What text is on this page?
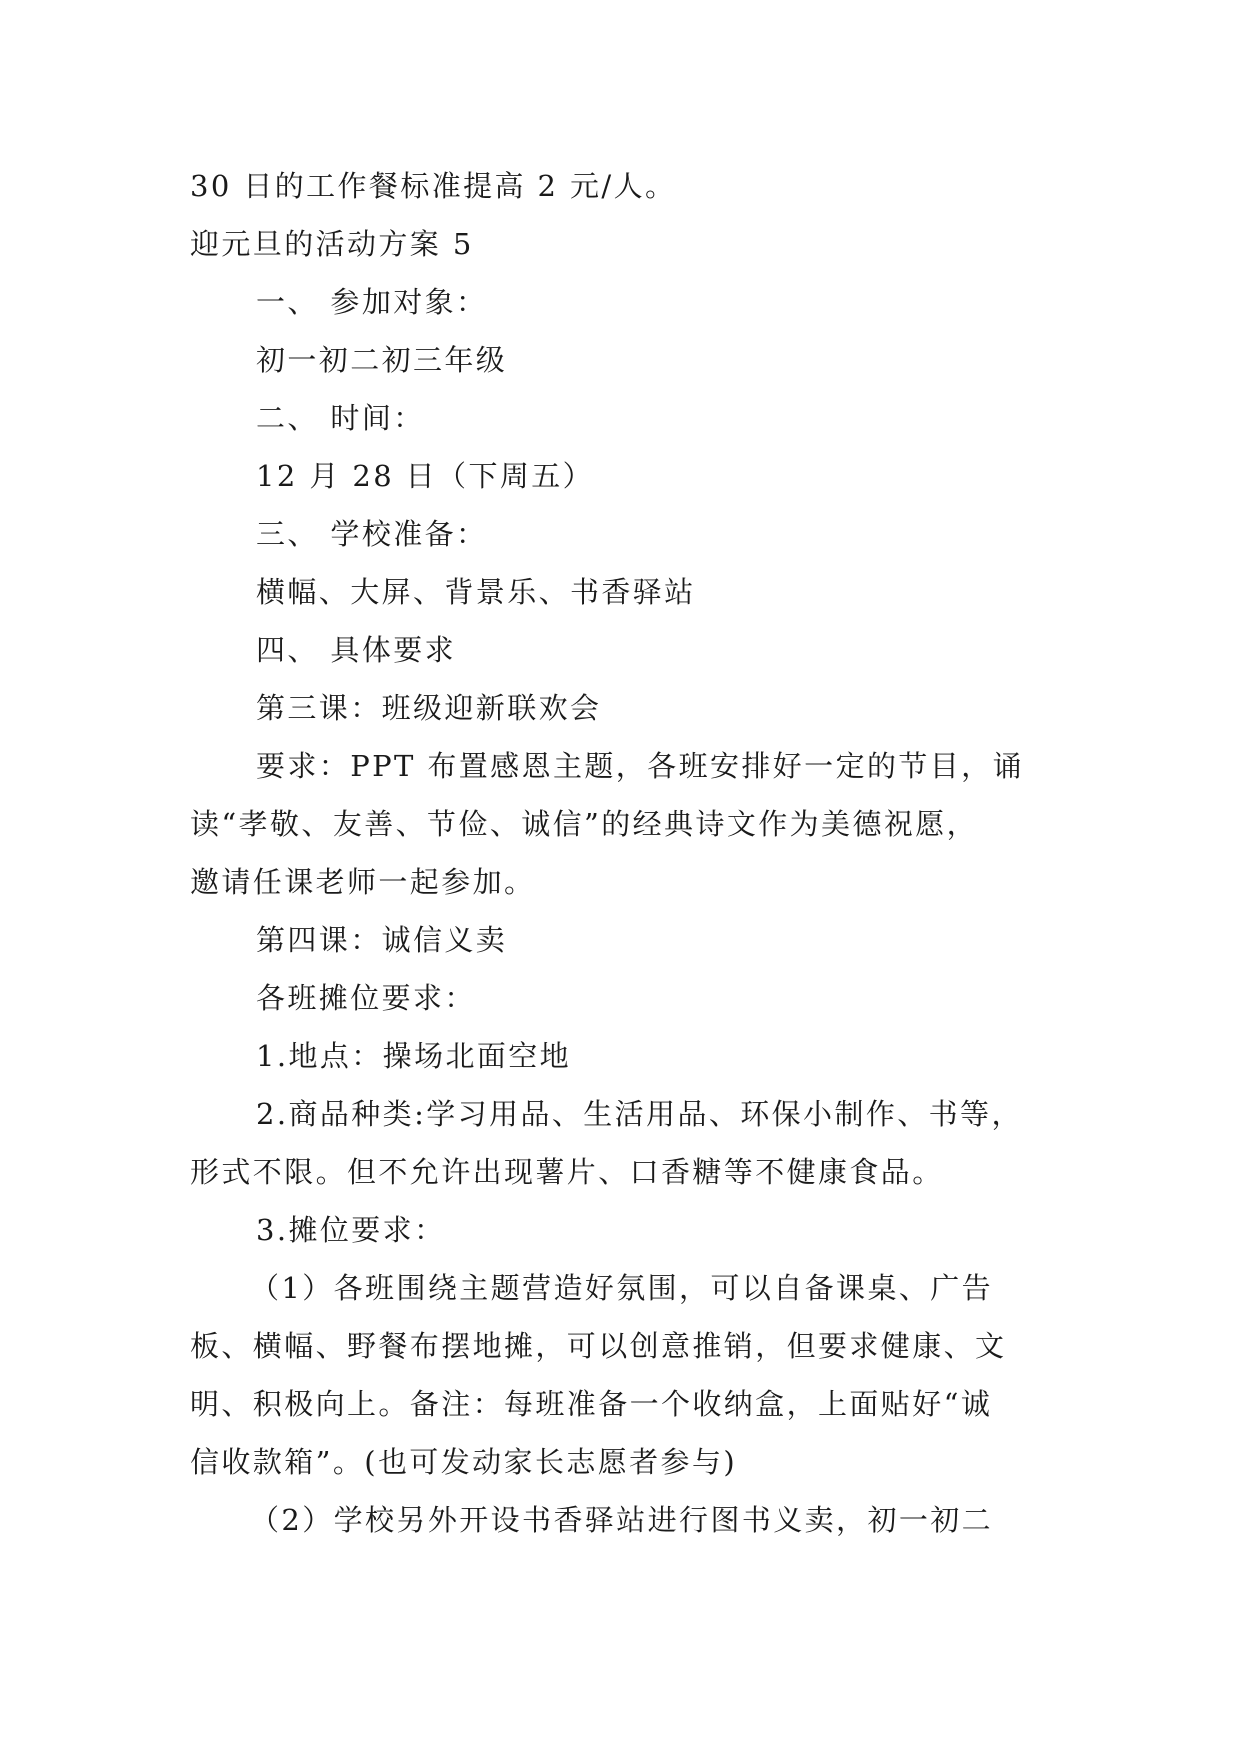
30 日的工作餐标准提高 2 元/人。
迎元旦的活动方案 5
一、 参加对象：
初一初二初三年级
二、 时间：
12 月 28 日（下周五）
三、 学校准备：
横幅、大屏、背景乐、书香驿站
四、 具体要求
第三课：班级迎新联欢会
要求：PPT 布置感恩主题，各班安排好一定的节目，诵
读“孝敬、友善、节俭、诚信”的经典诗文作为美德祝愿，
邀请任课老师一起参加。
第四课：诚信义卖
各班摊位要求：
1.地点：操场北面空地
2.商品种类:学习用品、生活用品、环保小制作、书等，
形式不限。但不允许出现薯片、口香糖等不健康食品。
3.摊位要求：
（1）各班围绕主题营造好氛围，可以自备课桌、广告
板、横幅、野餐布摆地摊，可以创意推销，但要求健康、文
明、积极向上。备注：每班准备一个收纳盒，上面贴好“诚
信收款箱”。(也可发动家长志愿者参与)
（2）学校另外开设书香驿站进行图书义卖，初一初二
